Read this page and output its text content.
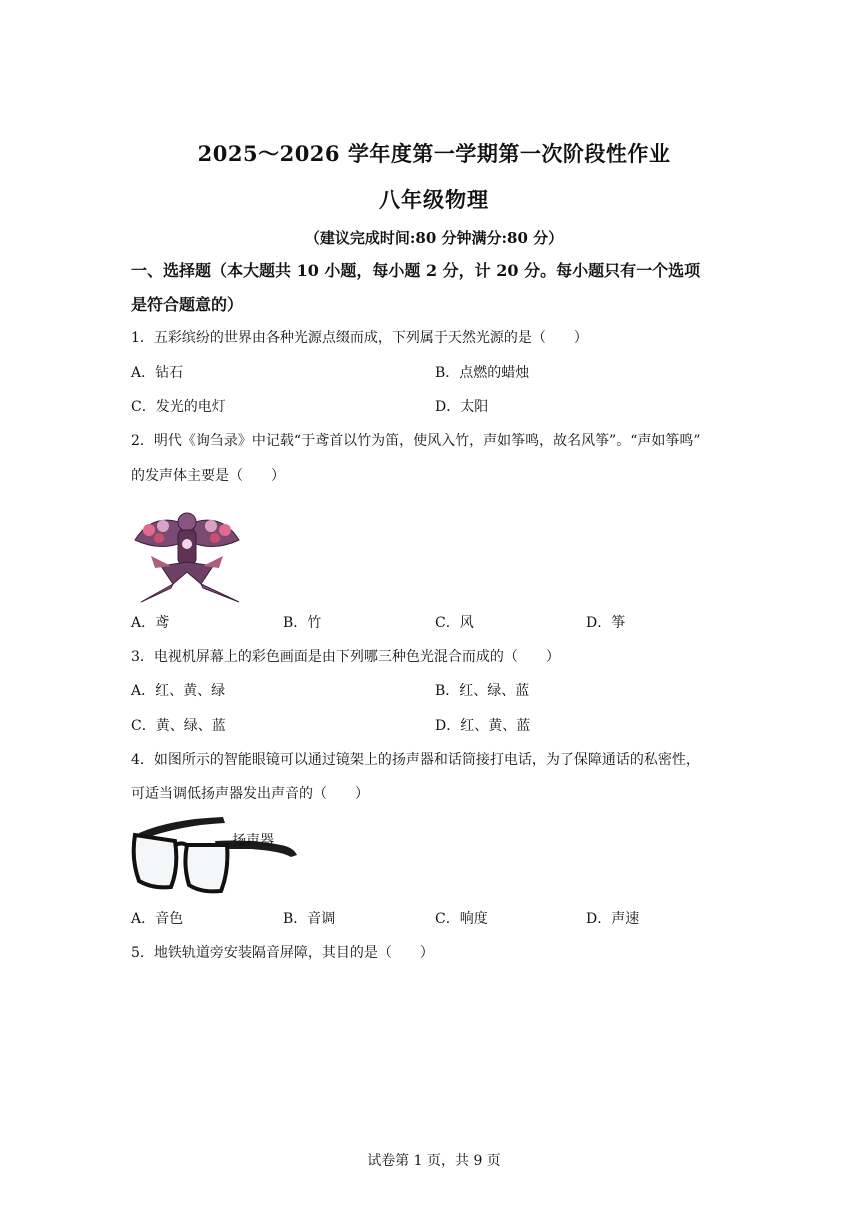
2025～2026 学年度第一学期第一次阶段性作业
八年级物理
（建议完成时间:80 分钟满分:80 分）
一、选择题（本大题共 10 小题，每小题 2 分，计 20 分。每小题只有一个选项
是符合题意的）
1．五彩缤纷的世界由各种光源点缀而成，下列属于天然光源的是（　　）
A．钻石	B．点燃的蜡烛
C．发光的电灯	D．太阳
2．明代《询刍录》中记载“于鸢首以竹为笛，使风入竹，声如筝鸣，故名风筝”。“声如筝鸣”
的发声体主要是（　　）
A．鸢	B．竹	C．风	D．筝
3．电视机屏幕上的彩色画面是由下列哪三种色光混合而成的（　　）
A．红、黄、绿	B．红、绿、蓝
C．黄、绿、蓝	D．红、黄、蓝
4．如图所示的智能眼镜可以通过镜架上的扬声器和话筒接打电话，为了保障通话的私密性，
可适当调低扬声器发出声音的（　　）
扬声器
A．音色	B．音调	C．响度	D．声速
5．地铁轨道旁安装隔音屏障，其目的是（　　）
试卷第 1 页，共 9 页
